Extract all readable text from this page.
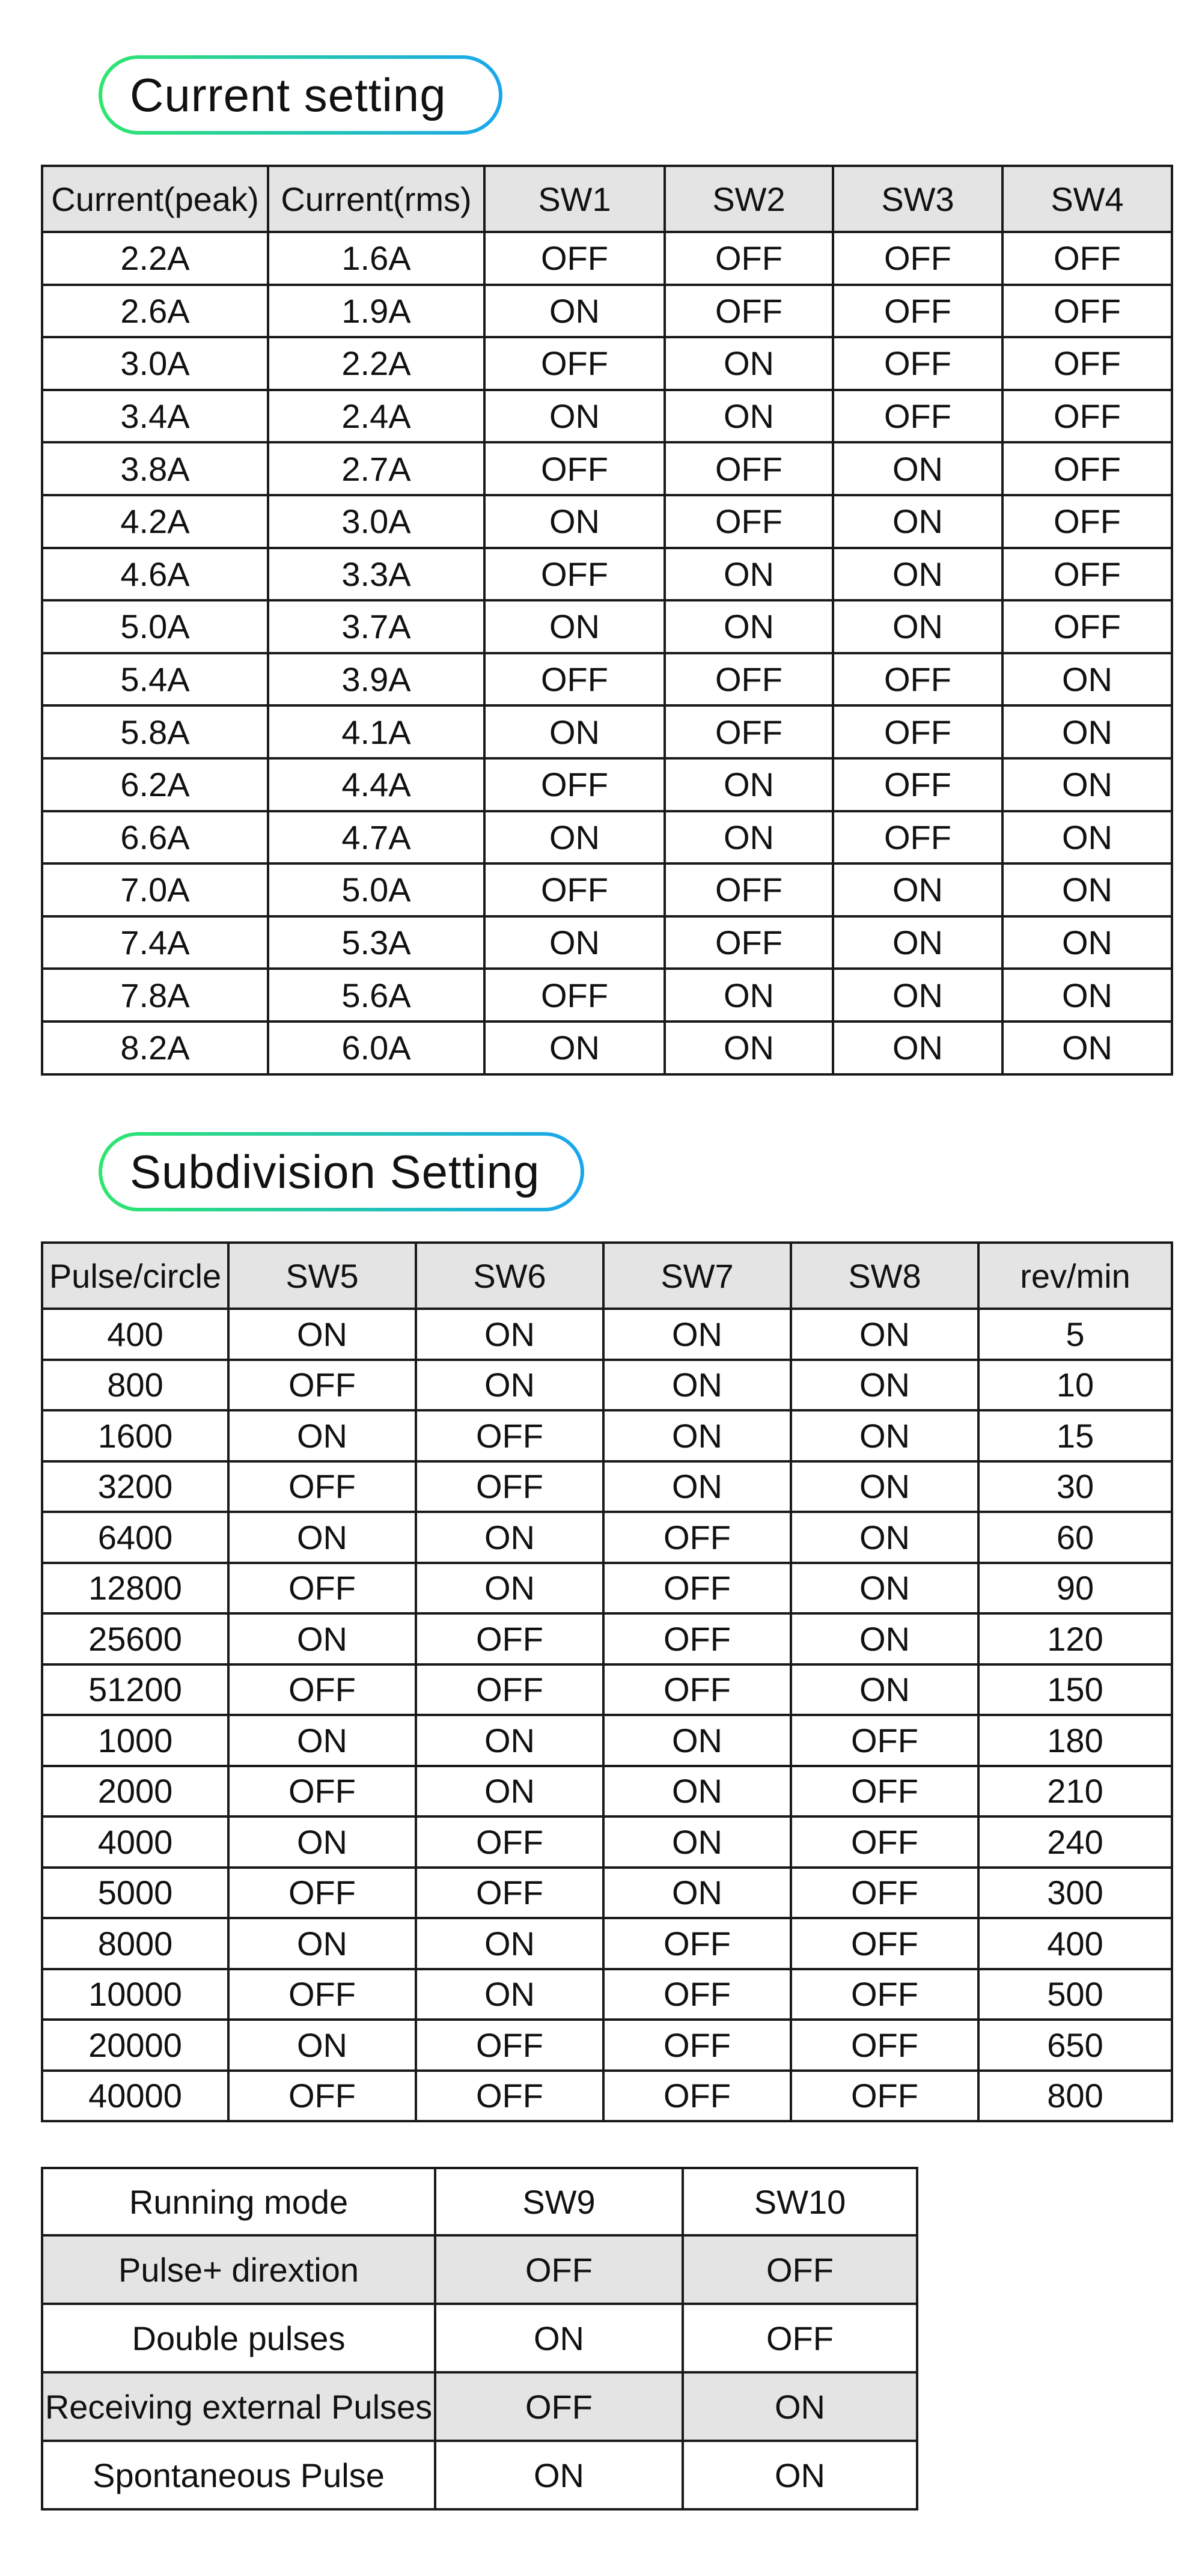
Current setting
Current(peak)	Current(rms)	SW1	SW2	SW3	SW4
2.2A	1.6A	OFF	OFF	OFF	OFF
2.6A	1.9A	ON	OFF	OFF	OFF
3.0A	2.2A	OFF	ON	OFF	OFF
3.4A	2.4A	ON	ON	OFF	OFF
3.8A	2.7A	OFF	OFF	ON	OFF
4.2A	3.0A	ON	OFF	ON	OFF
4.6A	3.3A	OFF	ON	ON	OFF
5.0A	3.7A	ON	ON	ON	OFF
5.4A	3.9A	OFF	OFF	OFF	ON
5.8A	4.1A	ON	OFF	OFF	ON
6.2A	4.4A	OFF	ON	OFF	ON
6.6A	4.7A	ON	ON	OFF	ON
7.0A	5.0A	OFF	OFF	ON	ON
7.4A	5.3A	ON	OFF	ON	ON
7.8A	5.6A	OFF	ON	ON	ON
8.2A	6.0A	ON	ON	ON	ON
Subdivision Setting
Pulse/circle	SW5	SW6	SW7	SW8	rev/min
400	ON	ON	ON	ON	5
800	OFF	ON	ON	ON	10
1600	ON	OFF	ON	ON	15
3200	OFF	OFF	ON	ON	30
6400	ON	ON	OFF	ON	60
12800	OFF	ON	OFF	ON	90
25600	ON	OFF	OFF	ON	120
51200	OFF	OFF	OFF	ON	150
1000	ON	ON	ON	OFF	180
2000	OFF	ON	ON	OFF	210
4000	ON	OFF	ON	OFF	240
5000	OFF	OFF	ON	OFF	300
8000	ON	ON	OFF	OFF	400
10000	OFF	ON	OFF	OFF	500
20000	ON	OFF	OFF	OFF	650
40000	OFF	OFF	OFF	OFF	800
Running mode	SW9	SW10
Pulse+ dirextion	OFF	OFF
Double pulses	ON	OFF
Receiving external Pulses	OFF	ON
Spontaneous Pulse	ON	ON
